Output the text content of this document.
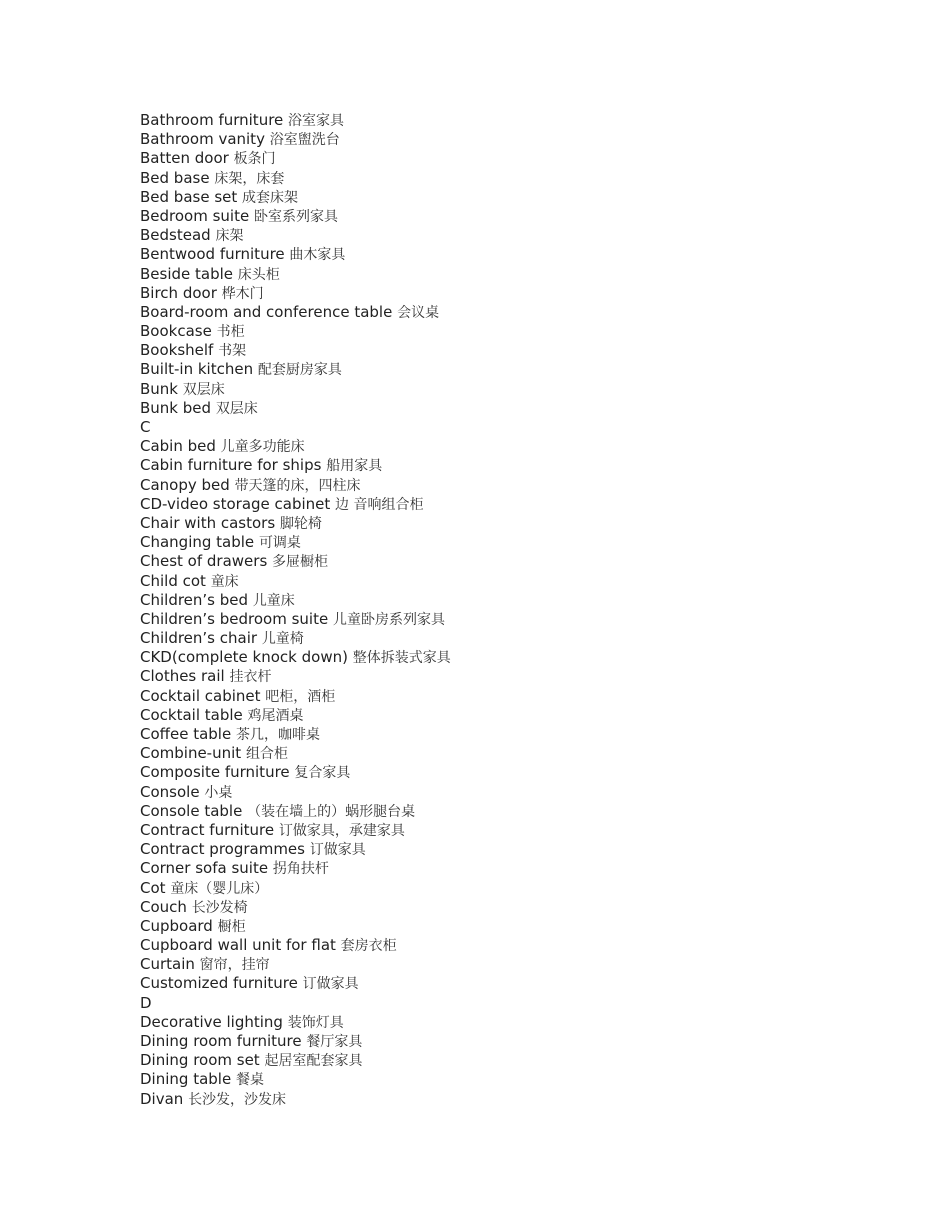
Bathroom furniture 浴室家具
Bathroom vanity 浴室盥洗台
Batten door 板条门
Bed base 床架，床套
Bed base set 成套床架
Bedroom suite 卧室系列家具
Bedstead 床架
Bentwood furniture 曲木家具
Beside table 床头柜
Birch door 桦木门
Board-room and conference table 会议桌
Bookcase 书柜
Bookshelf 书架
Built-in kitchen 配套厨房家具
Bunk 双层床
Bunk bed 双层床
C
Cabin bed 儿童多功能床
Cabin furniture for ships 船用家具
Canopy bed 带天篷的床，四柱床
CD-video storage cabinet 边 音响组合柜
Chair with castors 脚轮椅
Changing table 可调桌
Chest of drawers 多屉橱柜
Child cot 童床
Children’s bed 儿童床
Children’s bedroom suite 儿童卧房系列家具
Children’s chair 儿童椅
CKD(complete knock down) 整体拆装式家具
Clothes rail 挂衣杆
Cocktail cabinet 吧柜，酒柜
Cocktail table 鸡尾酒桌
Coffee table 茶几，咖啡桌
Combine-unit 组合柜
Composite furniture 复合家具
Console 小桌
Console table （装在墙上的）蜗形腿台桌
Contract furniture 订做家具，承建家具
Contract programmes 订做家具
Corner sofa suite 拐角扶杆
Cot 童床（婴儿床）
Couch 长沙发椅
Cupboard 橱柜
Cupboard wall unit for flat 套房衣柜
Curtain 窗帘，挂帘
Customized furniture 订做家具
D
Decorative lighting 装饰灯具
Dining room furniture 餐厅家具
Dining room set 起居室配套家具
Dining table 餐桌
Divan 长沙发，沙发床
